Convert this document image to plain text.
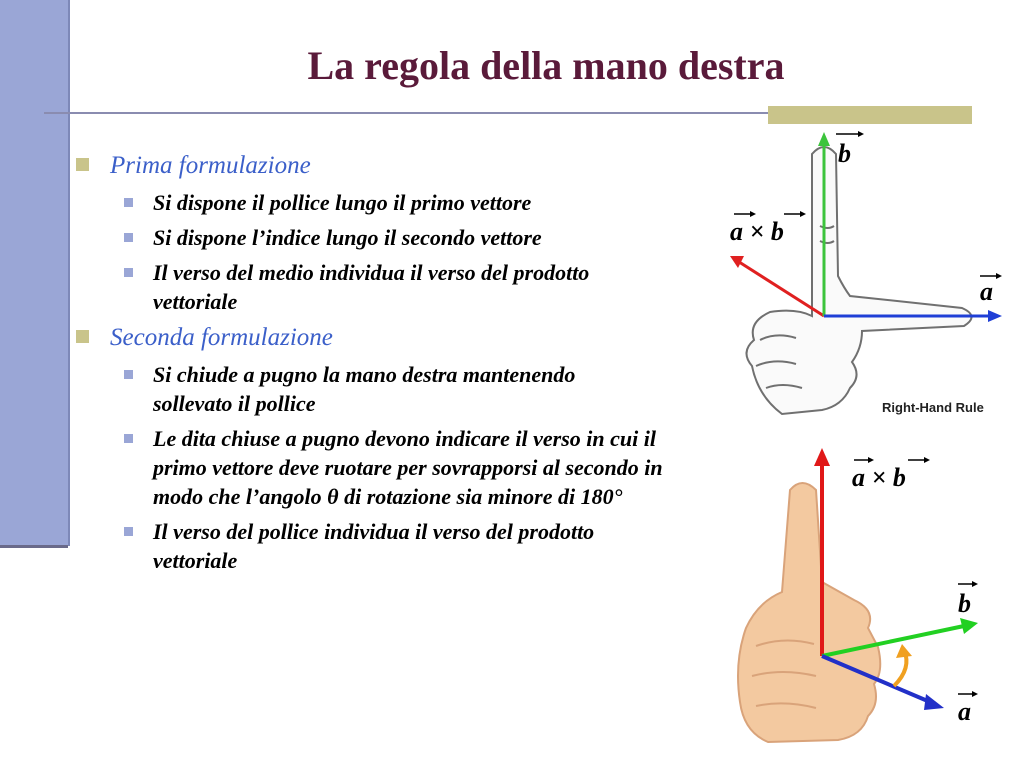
La regola della mano destra
Prima formulazione
Si dispone il pollice lungo il primo vettore
Si dispone l’indice lungo il secondo vettore
Il verso del medio individua il verso del prodotto vettoriale
Seconda formulazione
Si chiude a pugno la mano destra mantenendo sollevato il pollice
Le dita chiuse a pugno devono indicare il verso in cui il primo vettore deve ruotare per sovrapporsi al secondo in modo che l’angolo θ di rotazione sia minore di 180°
Il verso del pollice individua il verso del prodotto vettoriale
b
a × b
a
Right-Hand Rule
a × b
b
a
